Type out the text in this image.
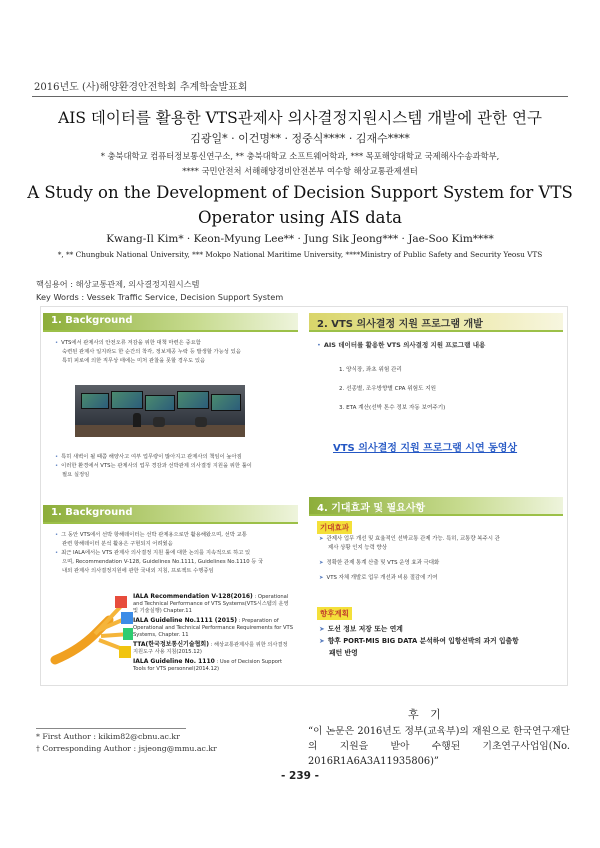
2016년도 (사)해양환경안전학회 추계학술발표회
AIS 데이터를 활용한 VTS관제사 의사결정지원시스템 개발에 관한 연구
김광일* · 이건명** · 정중식**** · 김재수****
* 충북대학교 컴퓨터정보통신연구소, ** 충북대학교 소프트웨어학과, *** 목포해양대학교 국제해사수송과학부,
**** 국민안전처 서해해양경비안전본부 여수항 해상교통관제센터
A Study on the Development of Decision Support System for VTS
Operator using AIS data
Kwang-Il Kim* · Keon-Myung Lee** · Jung Sik Jeong*** · Jae-Soo Kim****
*, ** Chungbuk National University, *** Mokpo National Maritime University, ****Ministry of Public Safety and Security Yeosu VTS
핵심용어 : 해상교통관제, 의사결정지원시스템
Key Words : Vessek Traffic Service, Decision Support System
1. Background
• VTS에서 관제사의 안전오류 저감을 위한 대책 마련은 중요함
숙련된 관제사 일지라도 한 순간의 착각, 정보제공 누락 등 발생할 가능성 있음
특히 피로에 의한 직무상 태에는 미처 관찰을 못할 경우도 있음
• 특히 새벽이 될 때쯤 해양사고 여부 업무량이 많아지고 관제사의 책임이 높아짐
• 이러한 환경에서 VTS는 관제사의 업무 경감과 선박관제 의사결정 지원을 위한 툴이
필요 실정임
2. VTS 의사결정 지원 프로그램 개발
• AIS 데이터를 활용한 VTS 의사결정 지원 프로그램 내용
1. 양식장, 좌초 위험 관리
2. 선종별, 조우방향별 CPA 위험도 지원
3. ETA 계산(선박 톤수 정보 자동 보여주기)
VTS 의사결정 지원 프로그램 시연 동영상
1. Background
• 그 동안 VTS에서 선박 항해데이터는 선박 관제용으로만 활용해왔으며, 선박 교통
관련 항해데이터 분석 활용은 구현되지 어려웠음
• 최근 IALA에서는 VTS 관제사 의사결정 지원 툴에 대한 논의를 지속적으로 하고 있
으며, Recommendation V-128, Guidelines No.1111, Guidelines No.1110 등 국
내외 관제사 의사결정지원에 관한 국내외 지침, 프로젝트 수행중임
IALA Recommendation V-128(2016) : Operational and Technical Performance of VTS Systems(VTS시스템의 운영 및 기술실행) Chapter.11
IALA Guideline No.1111 (2015) : Preparation of Operational and Technical Performance Requirements for VTS Systems, Chapter. 11
TTA(한국정보통신기술협회) : 해상교통관제사를 위한 의사결정 지원도구 사용 지침(2015.12)
IALA Guideline No. 1110 : Use of Decision Support Tools for VTS personnel(2014.12)
4. 기대효과 및 필요사항
기대효과
➤ 관제사 업무 개선 및 효율적인 선박교통 관제 가능. 특히, 교통량 복주시 관
제사 상황 인지 능력 향상
➤ 정확한 관제 통계 산출 및 VTS 운영 효과 극대화
➤ VTS 자체 개발로 업무 개선과 비용 절감에 기여
향후계획
➤ 도선 정보 저장 또는 연계
➤ 향후 PORT-MIS BIG DATA 분석하여 입항선박의 과거 입출항
패턴 반영
후 기
“이 논문은 2016년도 정부(교육부)의 재원으로 한국연구재단의 지원을 받아 수행된 기초연구사업임(No. 2016R1A6A3A11935806)”
* First Author : kikim82@cbnu.ac.kr
† Corresponding Author : jsjeong@mmu.ac.kr
- 239 -
